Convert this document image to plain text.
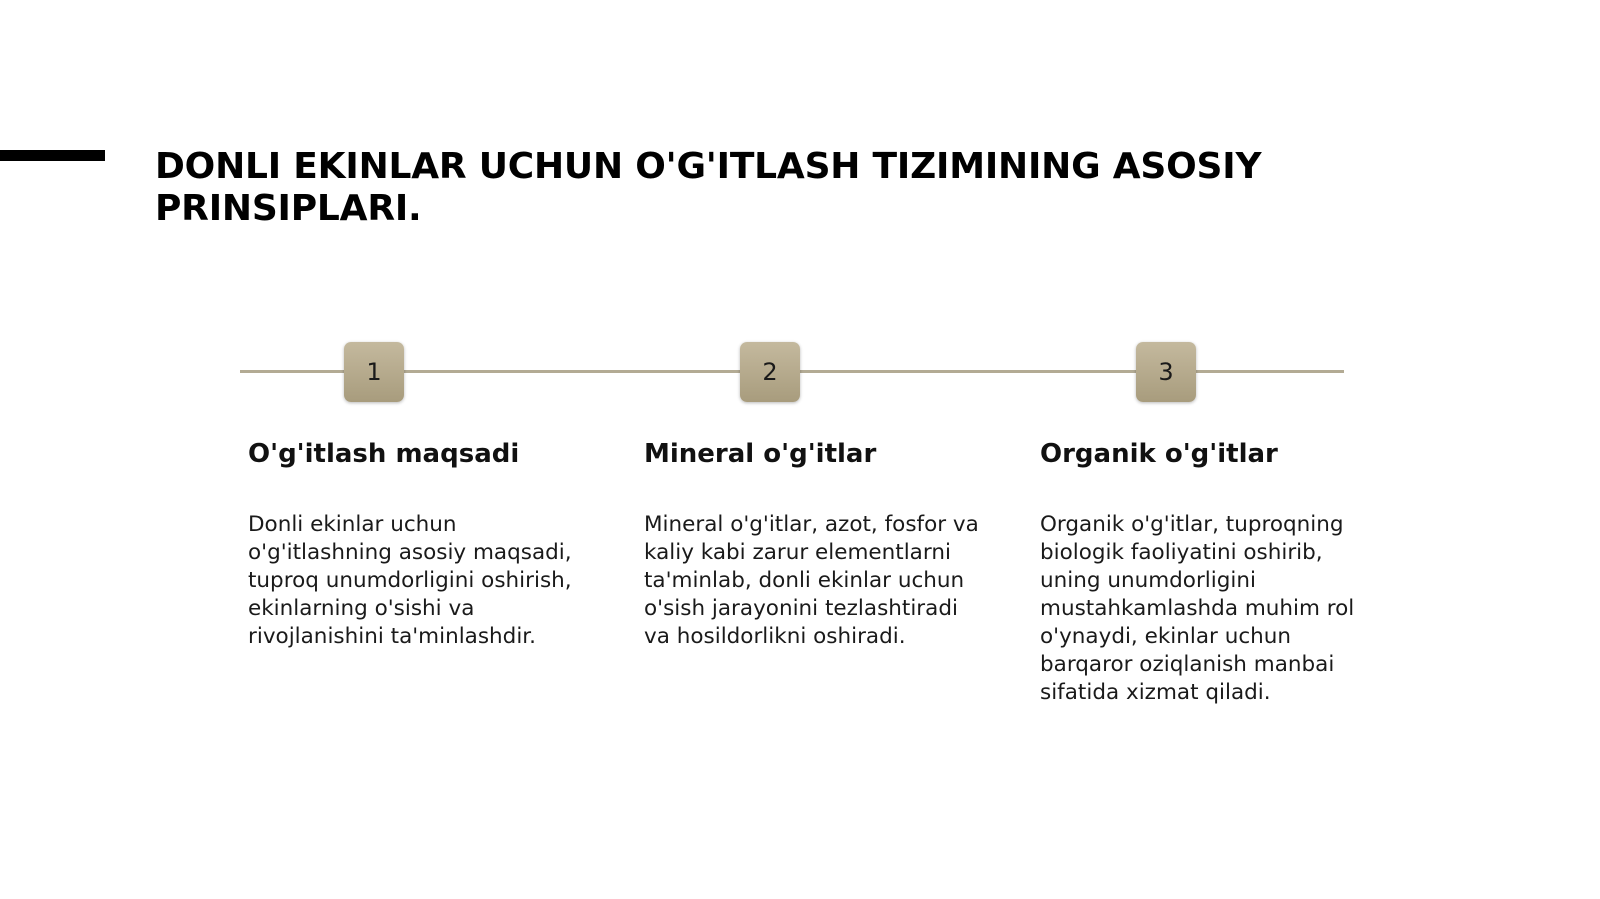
DONLI EKINLAR UCHUN O'G'ITLASH TIZIMINING ASOSIY PRINSIPLARI.
1	2	3
O'g'itlash maqsadi	Mineral o'g'itlar	Organik o'g'itlar

Donli ekinlar uchun o'g'itlashning asosiy maqsadi, tuproq unumdorligini oshirish, ekinlarning o'sishi va rivojlanishini ta'minlashdir.

Mineral o'g'itlar, azot, fosfor va kaliy kabi zarur elementlarni ta'minlab, donli ekinlar uchun o'sish jarayonini tezlashtiradi va hosildorlikni oshiradi.

Organik o'g'itlar, tuproqning biologik faoliyatini oshirib, uning unumdorligini mustahkamlashda muhim rol o'ynaydi, ekinlar uchun barqaror oziqlanish manbai sifatida xizmat qiladi.
